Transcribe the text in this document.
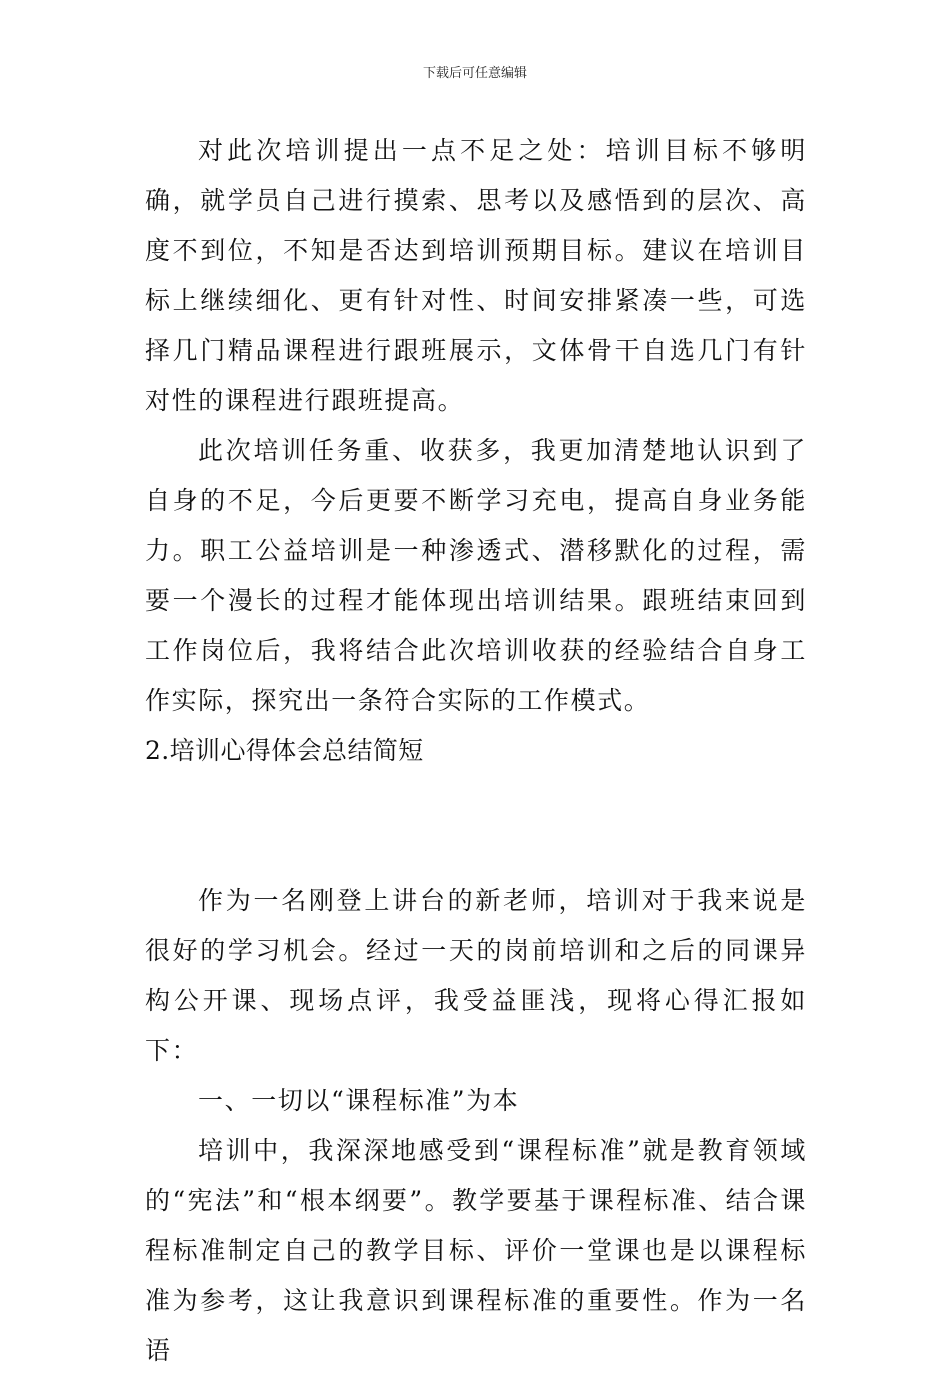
下载后可任意编辑

对此次培训提出一点不足之处：培训目标不够明确，就学员自己进行摸索、思考以及感悟到的层次、高度不到位，不知是否达到培训预期目标。建议在培训目标上继续细化、更有针对性、时间安排紧凑一些，可选择几门精品课程进行跟班展示，文体骨干自选几门有针对性的课程进行跟班提高。

此次培训任务重、收获多，我更加清楚地认识到了自身的不足，今后更要不断学习充电，提高自身业务能力。职工公益培训是一种渗透式、潜移默化的过程，需要一个漫长的过程才能体现出培训结果。跟班结束回到工作岗位后，我将结合此次培训收获的经验结合自身工作实际，探究出一条符合实际的工作模式。

2.培训心得体会总结简短

作为一名刚登上讲台的新老师，培训对于我来说是很好的学习机会。经过一天的岗前培训和之后的同课异构公开课、现场点评，我受益匪浅，现将心得汇报如下：

一、一切以“课程标准”为本

培训中，我深深地感受到“课程标准”就是教育领域的“宪法”和“根本纲要”。教学要基于课程标准、结合课程标准制定自己的教学目标、评价一堂课也是以课程标准为参考，这让我意识到课程标准的重要性。作为一名语
